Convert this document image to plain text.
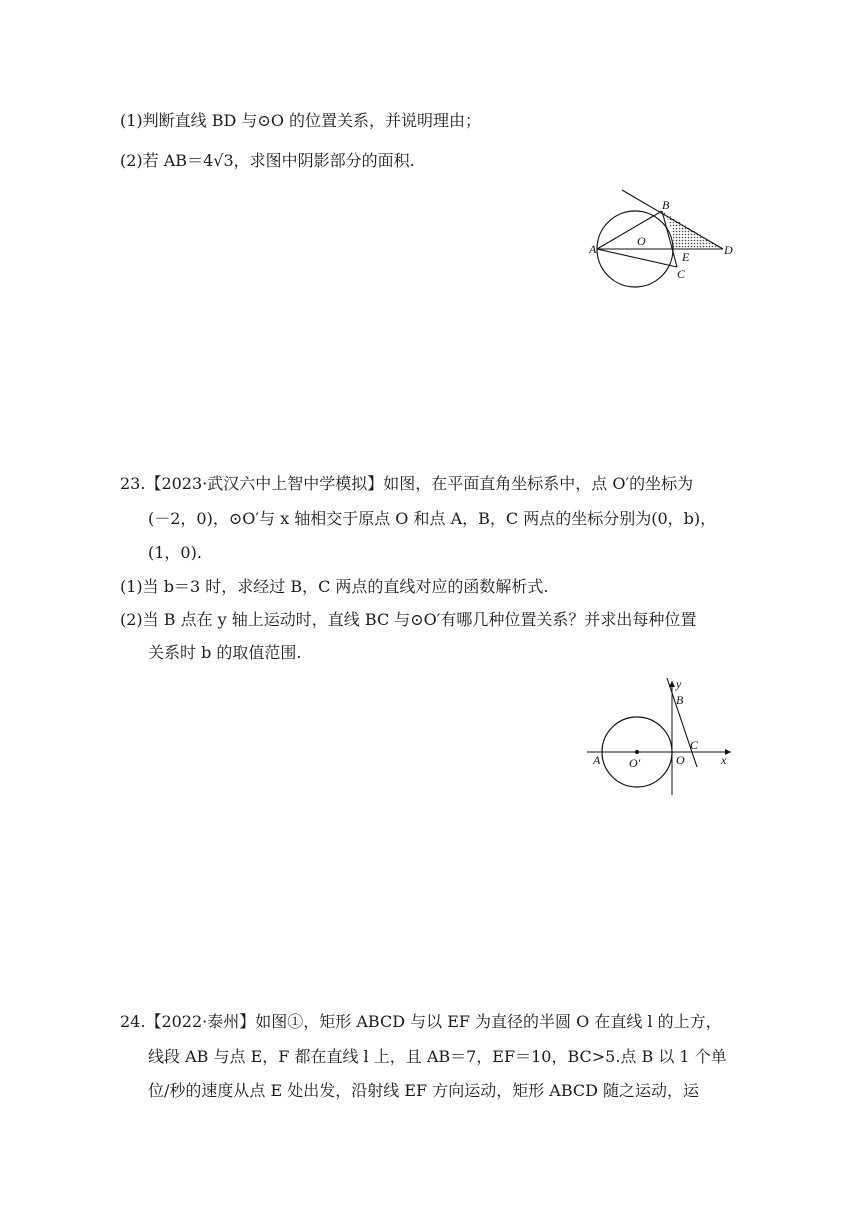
(1)判断直线 BD 与⊙O 的位置关系，并说明理由；
(2)若 AB＝4√3，求图中阴影部分的面积.
B
O
A
E
C
D
23.【2023·武汉六中上智中学模拟】如图，在平面直角坐标系中，点 O′的坐标为
(－2，0)，⊙O′与 x 轴相交于原点 O 和点 A，B，C 两点的坐标分别为(0，b)，
(1，0).
(1)当 b＝3 时，求经过 B，C 两点的直线对应的函数解析式.
(2)当 B 点在 y 轴上运动时，直线 BC 与⊙O′有哪几种位置关系？并求出每种位置
关系时 b 的取值范围.
y
B
C
A O′	O	x
24.【2022·泰州】如图①，矩形 ABCD 与以 EF 为直径的半圆 O 在直线 l 的上方，
线段 AB 与点 E，F 都在直线 l 上，且 AB＝7，EF＝10，BC>5.点 B 以 1 个单
位/秒的速度从点 E 处出发，沿射线 EF 方向运动，矩形 ABCD 随之运动，运
